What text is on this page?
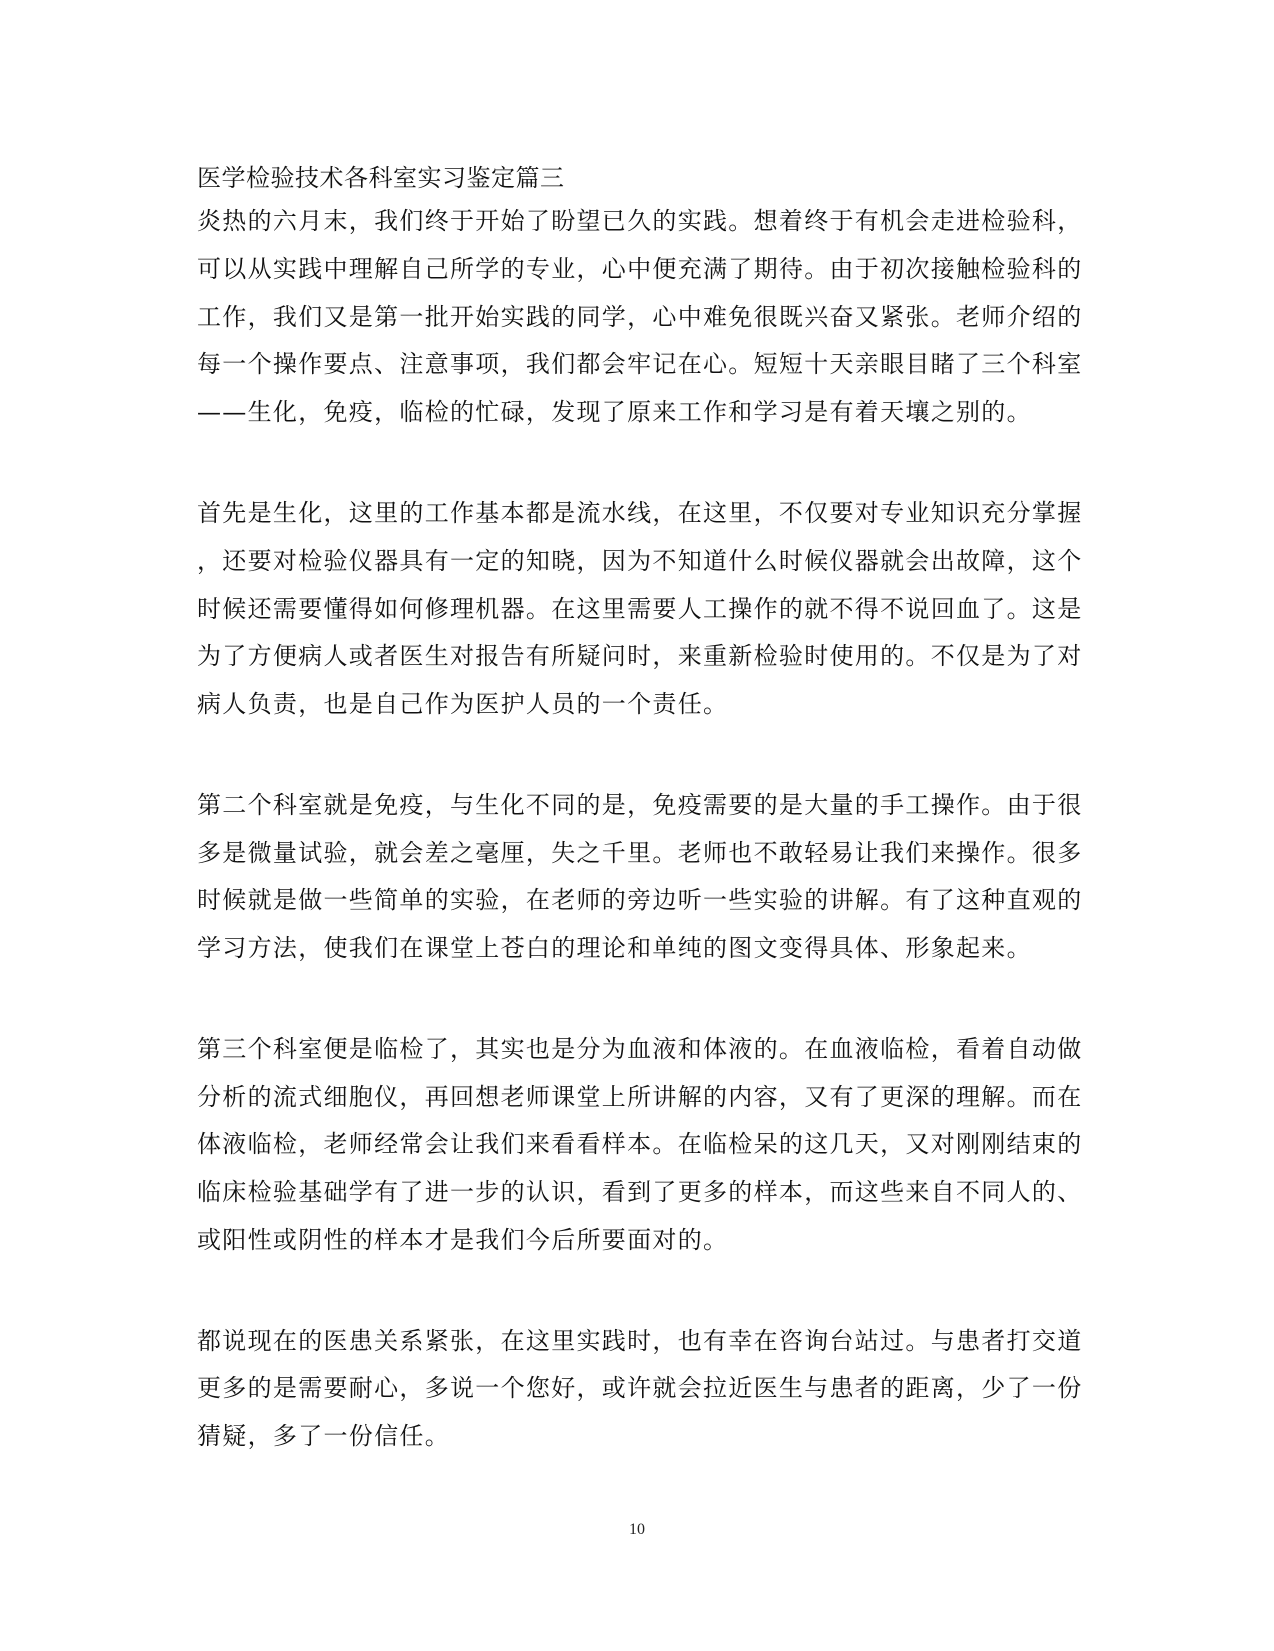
医学检验技术各科室实习鉴定篇三
炎热的六月末，我们终于开始了盼望已久的实践。想着终于有机会走进检验科，
可以从实践中理解自己所学的专业，心中便充满了期待。由于初次接触检验科的
工作，我们又是第一批开始实践的同学，心中难免很既兴奋又紧张。老师介绍的
每一个操作要点、注意事项，我们都会牢记在心。短短十天亲眼目睹了三个科室
——生化，免疫，临检的忙碌，发现了原来工作和学习是有着天壤之别的。
首先是生化，这里的工作基本都是流水线，在这里，不仅要对专业知识充分掌握
，还要对检验仪器具有一定的知晓，因为不知道什么时候仪器就会出故障，这个
时候还需要懂得如何修理机器。在这里需要人工操作的就不得不说回血了。这是
为了方便病人或者医生对报告有所疑问时，来重新检验时使用的。不仅是为了对
病人负责，也是自己作为医护人员的一个责任。
第二个科室就是免疫，与生化不同的是，免疫需要的是大量的手工操作。由于很
多是微量试验，就会差之毫厘，失之千里。老师也不敢轻易让我们来操作。很多
时候就是做一些简单的实验，在老师的旁边听一些实验的讲解。有了这种直观的
学习方法，使我们在课堂上苍白的理论和单纯的图文变得具体、形象起来。
第三个科室便是临检了，其实也是分为血液和体液的。在血液临检，看着自动做
分析的流式细胞仪，再回想老师课堂上所讲解的内容，又有了更深的理解。而在
体液临检，老师经常会让我们来看看样本。在临检呆的这几天，又对刚刚结束的
临床检验基础学有了进一步的认识，看到了更多的样本，而这些来自不同人的、
或阳性或阴性的样本才是我们今后所要面对的。
都说现在的医患关系紧张，在这里实践时，也有幸在咨询台站过。与患者打交道
更多的是需要耐心，多说一个您好，或许就会拉近医生与患者的距离，少了一份
猜疑，多了一份信任。
10
